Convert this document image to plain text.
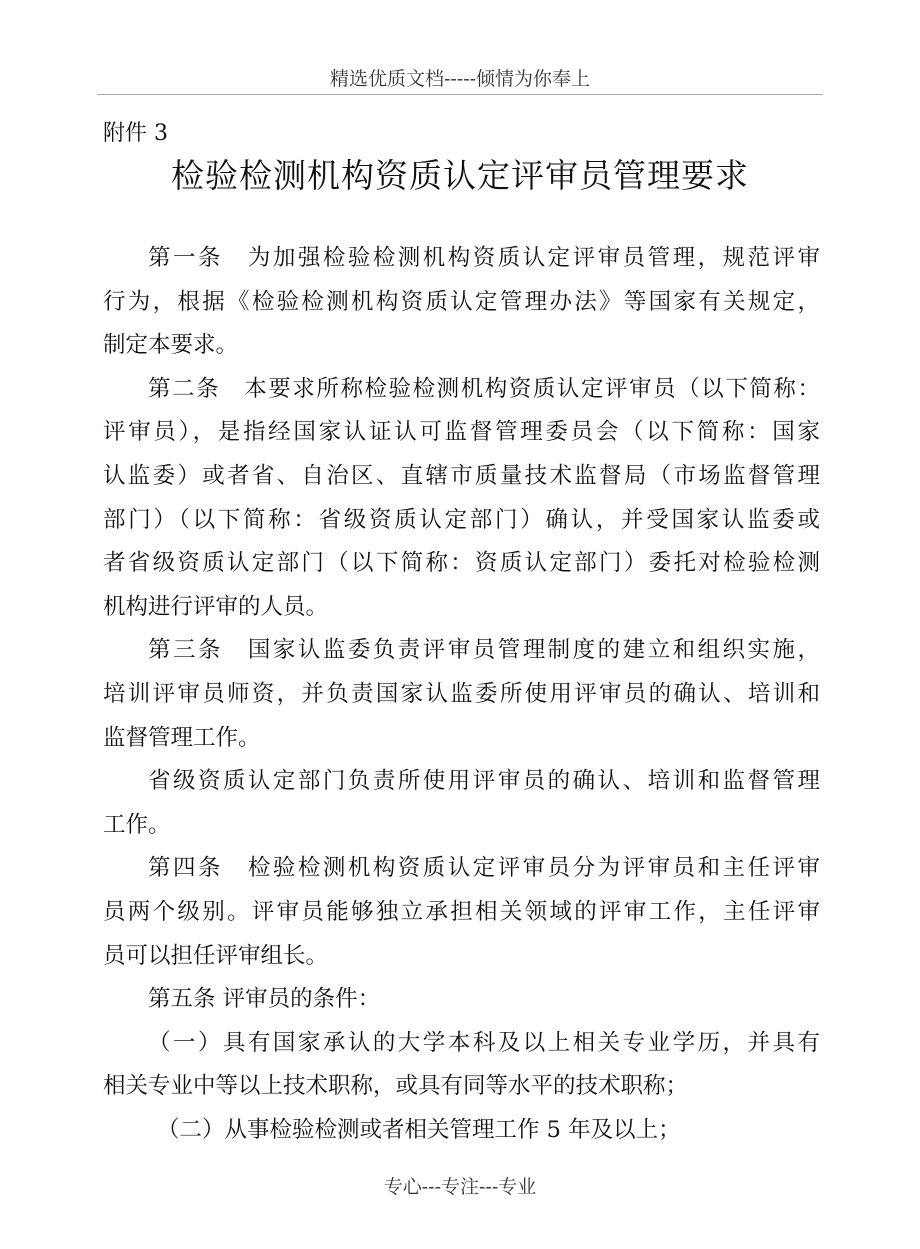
精选优质文档-----倾情为你奉上
附件 3
检验检测机构资质认定评审员管理要求
第一条　为加强检验检测机构资质认定评审员管理，规范评审
行为，根据《检验检测机构资质认定管理办法》等国家有关规定，
制定本要求。
第二条　本要求所称检验检测机构资质认定评审员（以下简称：
评审员），是指经国家认证认可监督管理委员会（以下简称：国家
认监委）或者省、自治区、直辖市质量技术监督局（市场监督管理
部门）（以下简称：省级资质认定部门）确认，并受国家认监委或
者省级资质认定部门（以下简称：资质认定部门）委托对检验检测
机构进行评审的人员。
第三条　国家认监委负责评审员管理制度的建立和组织实施，
培训评审员师资，并负责国家认监委所使用评审员的确认、培训和
监督管理工作。
省级资质认定部门负责所使用评审员的确认、培训和监督管理
工作。
第四条　检验检测机构资质认定评审员分为评审员和主任评审
员两个级别。评审员能够独立承担相关领域的评审工作，主任评审
员可以担任评审组长。
第五条 评审员的条件：
（一）具有国家承认的大学本科及以上相关专业学历，并具有
相关专业中等以上技术职称，或具有同等水平的技术职称；
（二）从事检验检测或者相关管理工作 5 年及以上；
专心---专注---专业
